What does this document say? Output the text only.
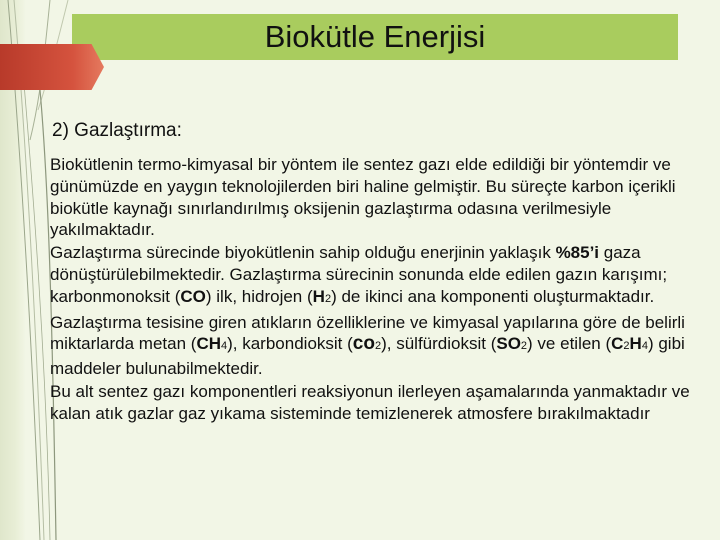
Biokütle Enerjisi
2) Gazlaştırma:

Biokütlenin termo-kimyasal bir yöntem ile sentez gazı elde edildiği bir yöntemdir ve günümüzde en yaygın teknolojilerden biri haline gelmiştir. Bu süreçte karbon içerikli biokütle kaynağı sınırlandırılmış oksijenin gazlaştırma odasına verilmesiyle yakılmaktadır.

Gazlaştırma sürecinde biyokütlenin sahip olduğu enerjinin yaklaşık %85’i gaza dönüştürülebilmektedir. Gazlaştırma sürecinin sonunda elde edilen gazın karışımı; karbonmonoksit (CO) ilk, hidrojen (H2) de ikinci ana komponenti oluşturmaktadır.

Gazlaştırma tesisine giren atıkların özelliklerine ve kimyasal yapılarına göre de belirli miktarlarda metan (CH4), karbondioksit (co2), sülfürdioksit (SO2) ve etilen (C2H4) gibi maddeler bulunabilmektedir.

Bu alt sentez gazı komponentleri reaksiyonun ilerleyen aşamalarında yanmaktadır ve kalan atık gazlar gaz yıkama sisteminde temizlenerek atmosfere bırakılmaktadır
